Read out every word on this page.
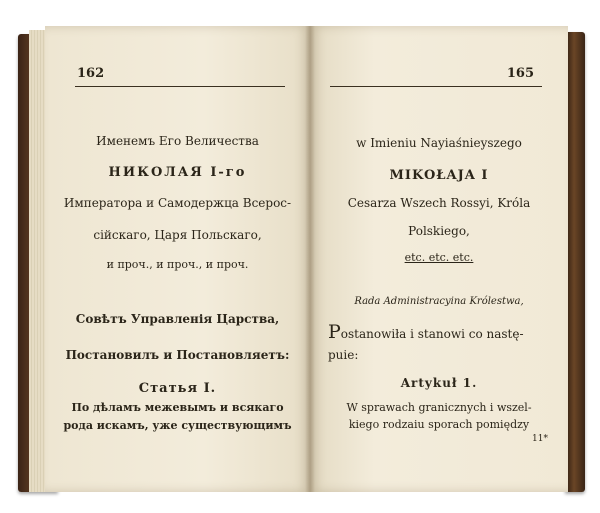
162
Именемъ Его Величества
НИКОЛАЯ I-го
Императора и Самодержца Всерос-
сійскаго, Царя Польскаго,
и проч., и проч., и проч.
Совѣтъ Управленія Царства,
Постановилъ и Постановляетъ:
Статья I.
По дѣламъ межевымъ и всякаго
рода искамъ, уже существующимъ
165
w Imieniu Nayiaśnieyszego
MIKOŁAJA I
Cesarza Wszech Rossyi, Króla
Polskiego,
etc. etc. etc.
Rada Administracyina Królestwa,
Postanowiła i stanowi co nastę-
puie:
Artykuł 1.
W sprawach granicznych i wszel-
kiego rodzaiu sporach pomiędzy
11*
